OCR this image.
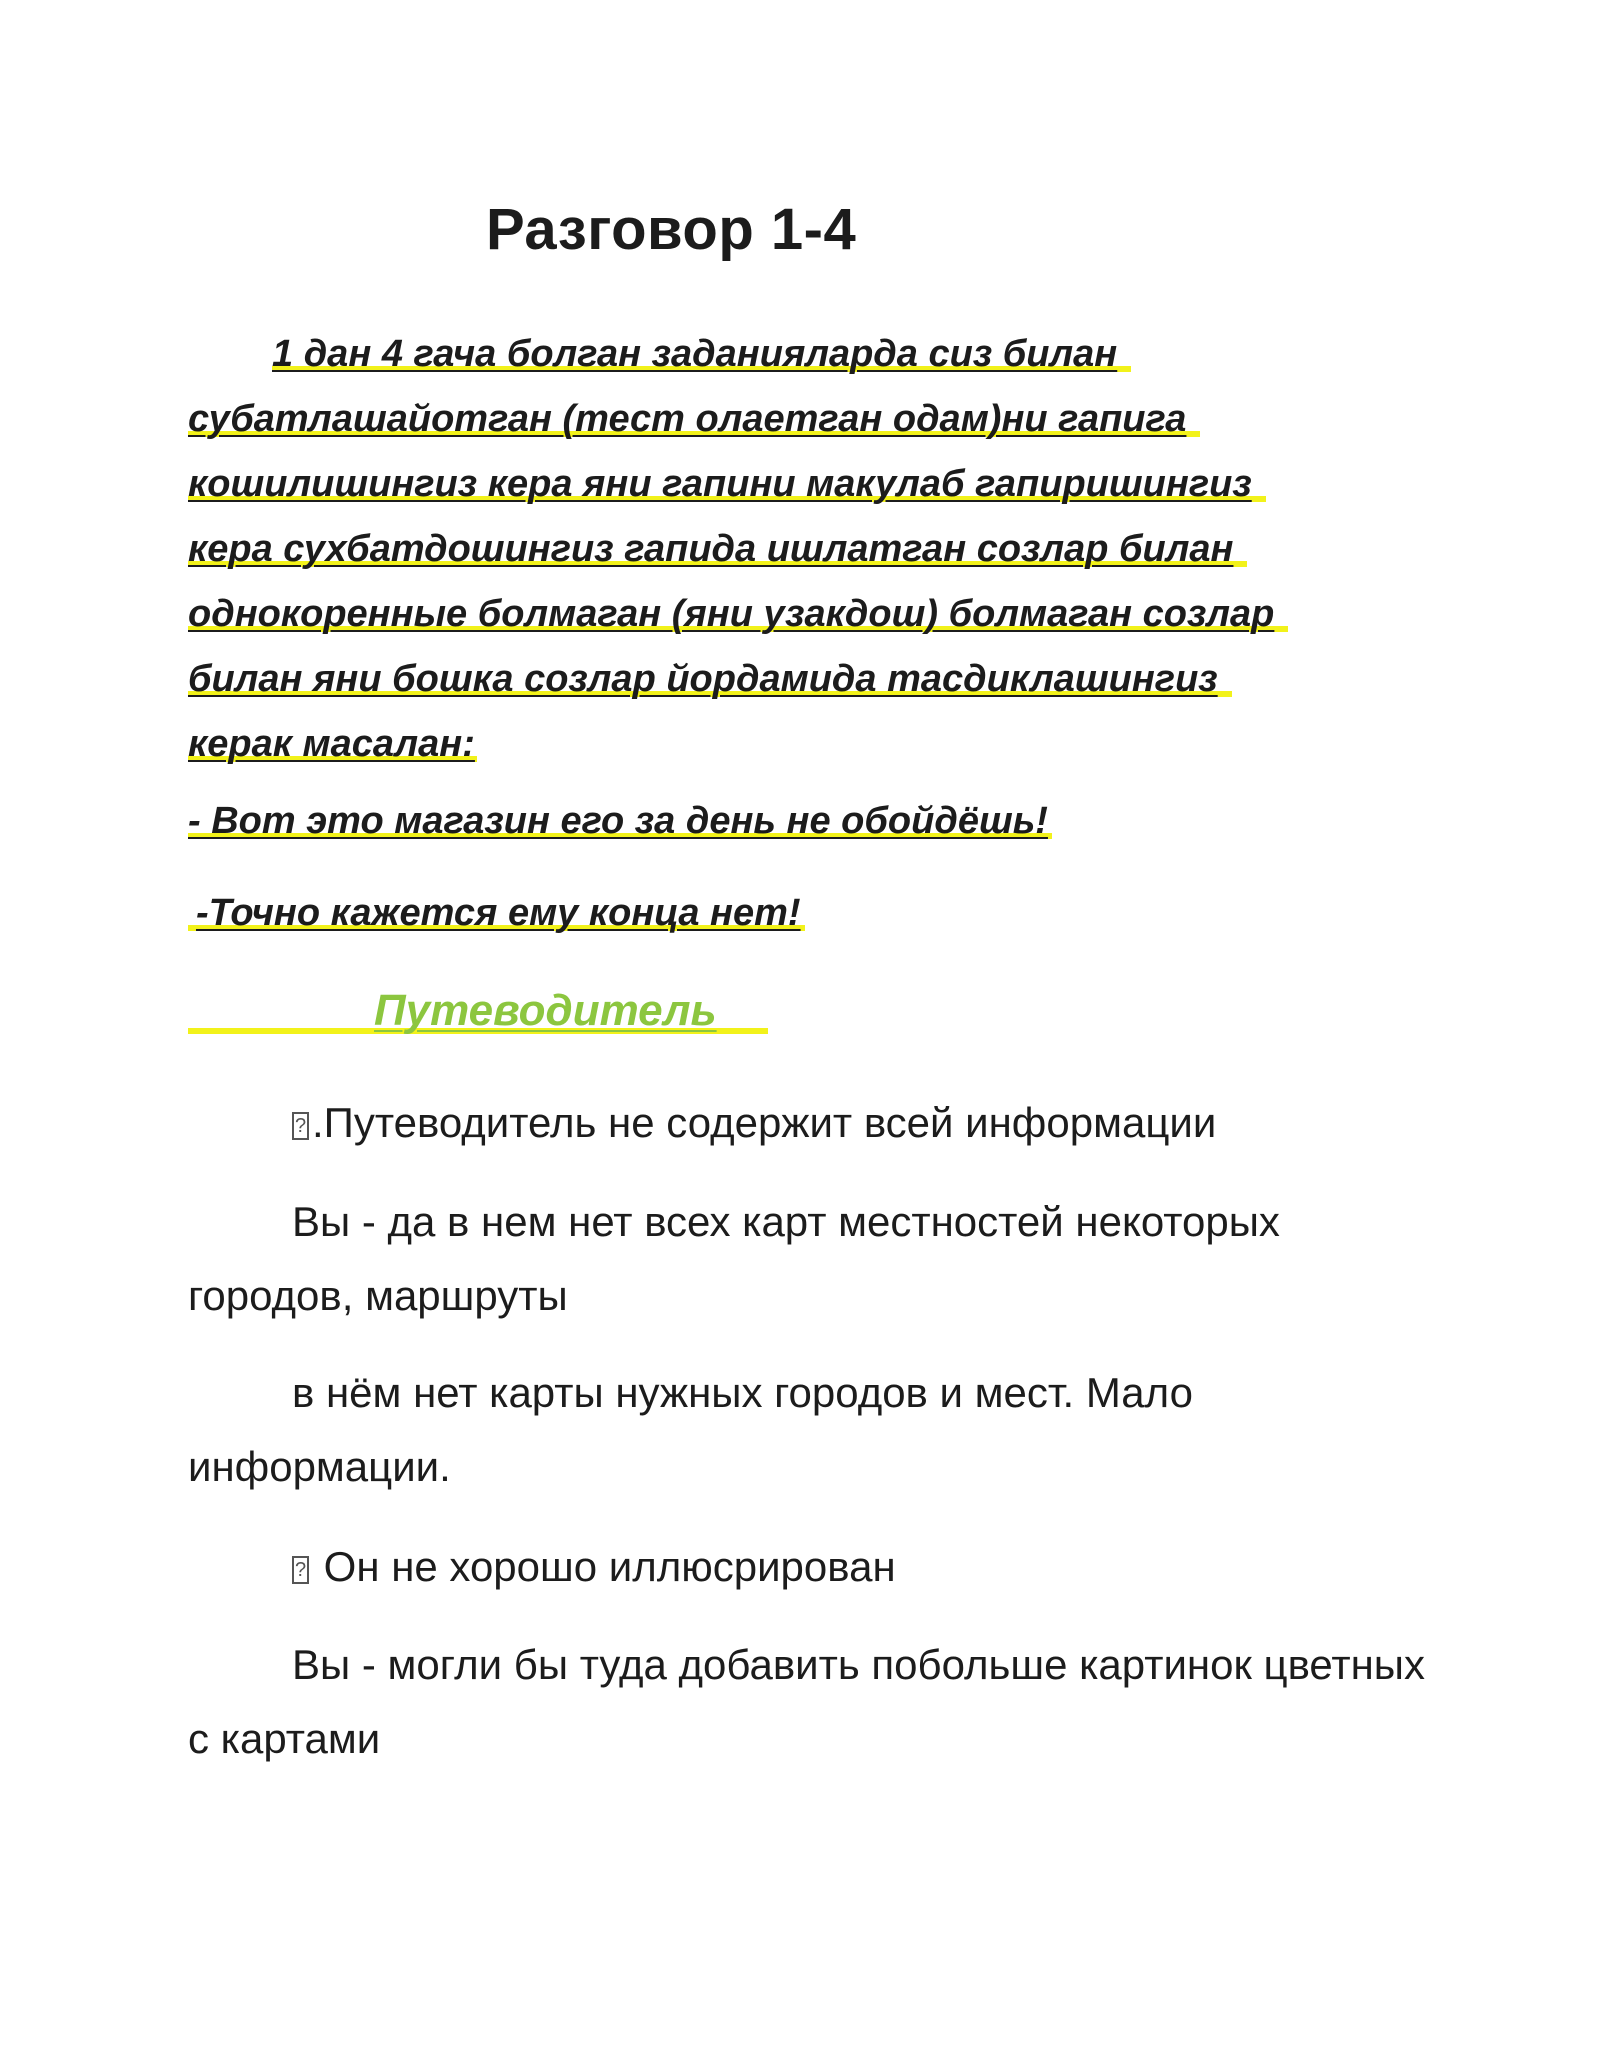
Разговор 1-4
1 дан 4 гача болган заданияларда сиз билан
субатлашайотган (тест олаетган одам)ни гапига
кошилишингиз кера яни гапини макулаб гапиришингиз
кера сухбатдошингиз гапида ишлатган созлар билан
однокоренные болмаган (яни узакдош) болмаган созлар
билан яни бошка созлар йордамида тасдиклашингиз
керак масалан:

- Вот это магазин его за день не обойдёшь!

-Точно кажется ему конца нет!

Путеводитель

?.Путеводитель не содержит всей информации

Вы - да в нем нет всех карт местностей некоторых городов, маршруты

в нём нет карты нужных городов и мест. Мало информации.

? Он не хорошо иллюсрирован

Вы - могли бы туда добавить побольше картинок цветных с картами
